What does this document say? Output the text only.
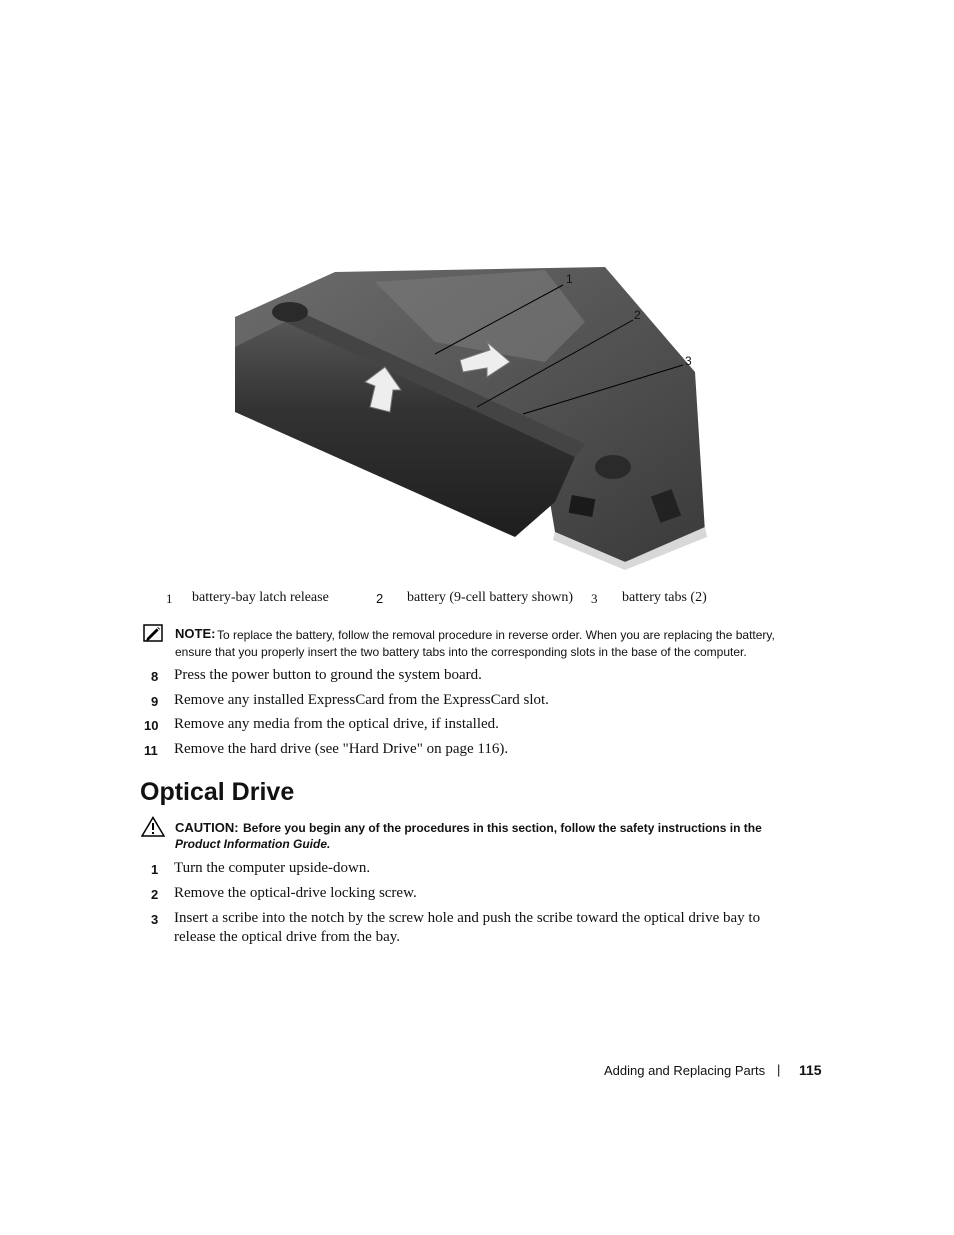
1
2
3
1 battery-bay latch release	2 battery (9-cell battery shown) 3 battery tabs (2)
NOTE: To replace the battery, follow the removal procedure in reverse order. When you are replacing the battery,
ensure that you properly insert the two battery tabs into the corresponding slots in the base of the computer.
8 Press the power button to ground the system board.
9 Remove any installed ExpressCard from the ExpressCard slot.
10 Remove any media from the optical drive, if installed.
11 Remove the hard drive (see "Hard Drive" on page 116).
Optical Drive
CAUTION: Before you begin any of the procedures in this section, follow the safety instructions in the
Product Information Guide.
1 Turn the computer upside-down.
2 Remove the optical-drive locking screw.
3 Insert a scribe into the notch by the screw hole and push the scribe toward the optical drive bay to
release the optical drive from the bay.
Adding and Replacing Parts | 115
